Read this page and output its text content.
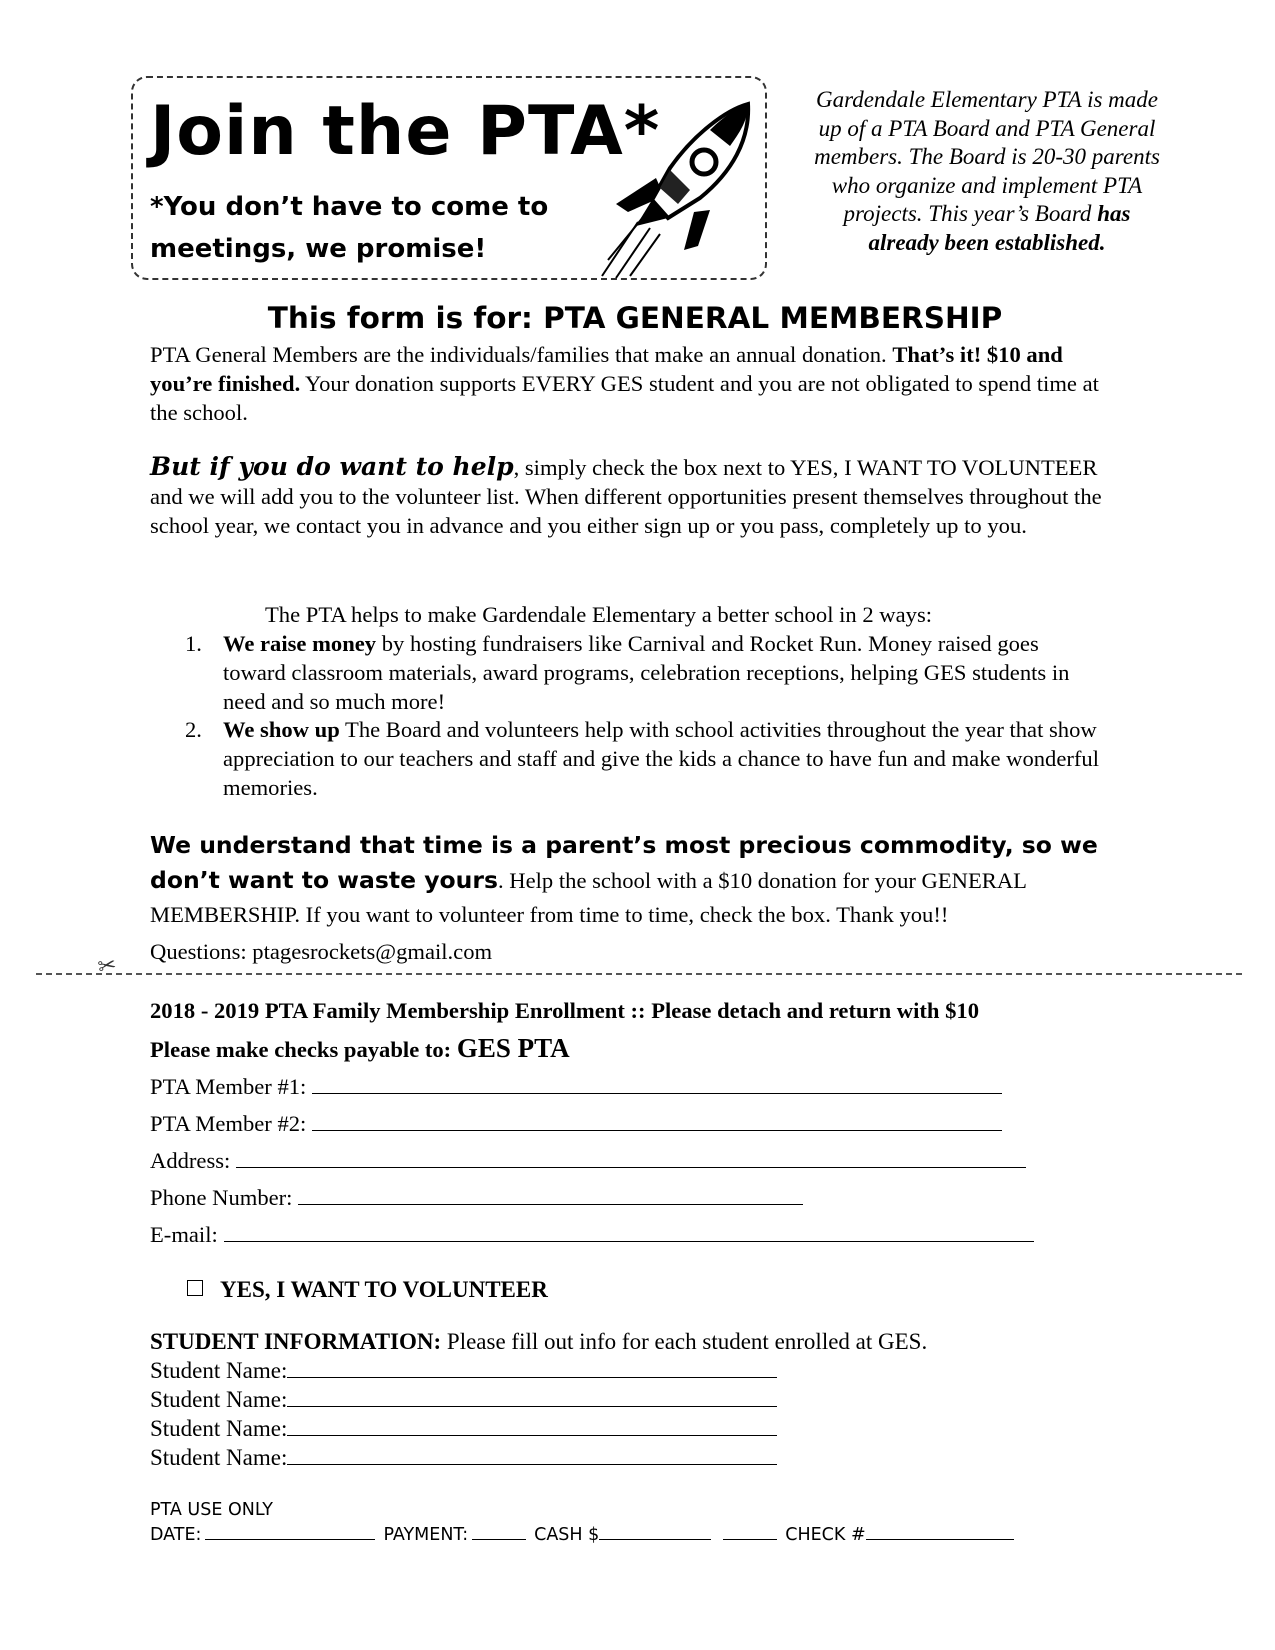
Join the PTA*
*You don’t have to come to
meetings, we promise!
Gardendale Elementary PTA is made up of a PTA Board and PTA General members. The Board is 20-30 parents who organize and implement PTA projects. This year’s Board has already been established.
This form is for: PTA GENERAL MEMBERSHIP
PTA General Members are the individuals/families that make an annual donation. That’s it! $10 and you’re finished. Your donation supports EVERY GES student and you are not obligated to spend time at the school.
But if you do want to help, simply check the box next to YES, I WANT TO VOLUNTEER and we will add you to the volunteer list. When different opportunities present themselves throughout the school year, we contact you in advance and you either sign up or you pass, completely up to you.
The PTA helps to make Gardendale Elementary a better school in 2 ways:
1. We raise money by hosting fundraisers like Carnival and Rocket Run. Money raised goes toward classroom materials, award programs, celebration receptions, helping GES students in need and so much more!
2. We show up The Board and volunteers help with school activities throughout the year that show appreciation to our teachers and staff and give the kids a chance to have fun and make wonderful memories.
We understand that time is a parent’s most precious commodity, so we don’t want to waste yours. Help the school with a $10 donation for your GENERAL MEMBERSHIP. If you want to volunteer from time to time, check the box. Thank you!!
Questions: ptagesrockets@gmail.com
✂
2018 - 2019 PTA Family Membership Enrollment :: Please detach and return with $10
Please make checks payable to: GES PTA
PTA Member #1:
PTA Member #2:
Address:
Phone Number:
E-mail:
YES, I WANT TO VOLUNTEER
STUDENT INFORMATION: Please fill out info for each student enrolled at GES.
Student Name:
Student Name:
Student Name:
Student Name:
PTA USE ONLY
DATE:	PAYMENT:	CASH $	CHECK #
